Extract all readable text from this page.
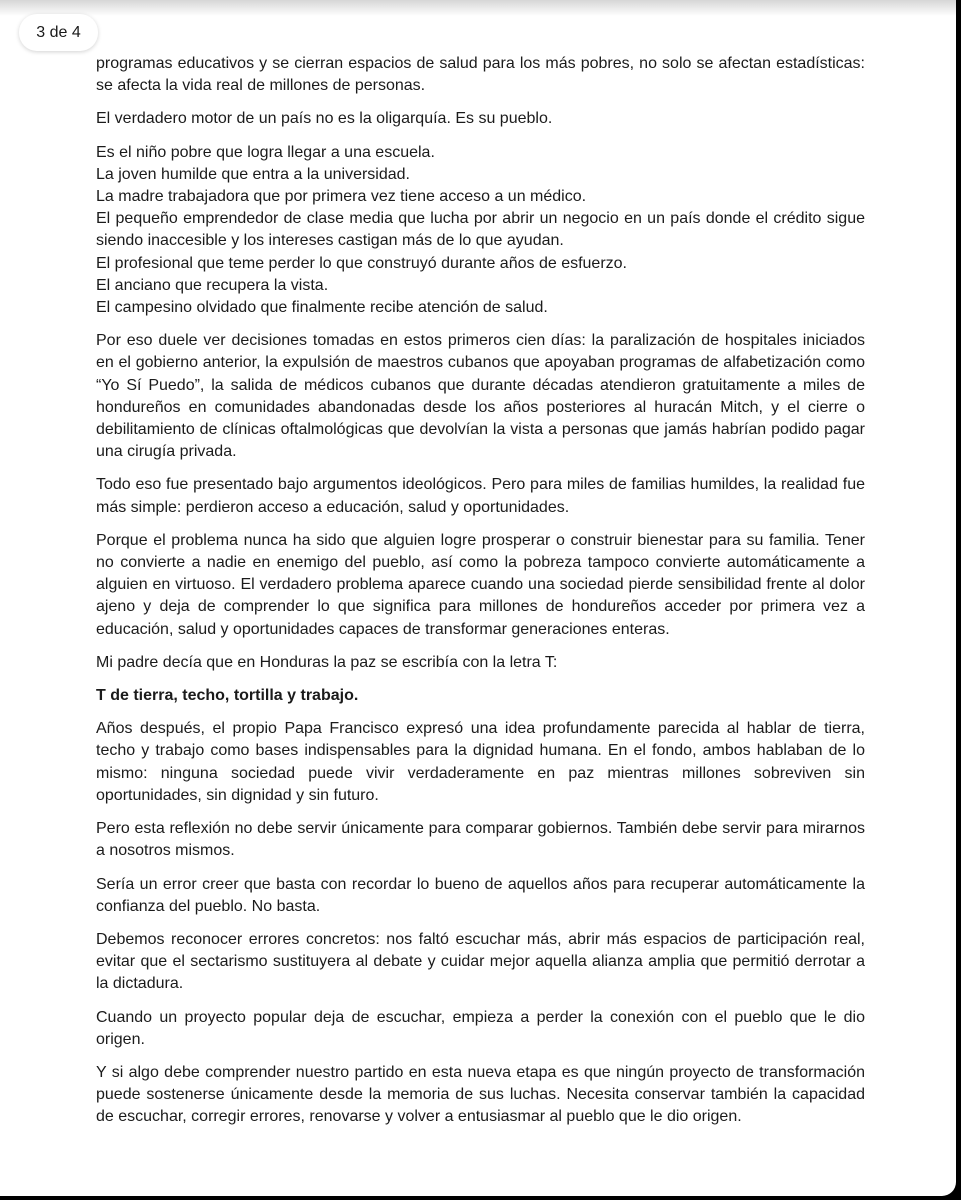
3 de 4

programas educativos y se cierran espacios de salud para los más pobres, no solo se afectan estadísticas: se afecta la vida real de millones de personas.

El verdadero motor de un país no es la oligarquía. Es su pueblo.

Es el niño pobre que logra llegar a una escuela.
La joven humilde que entra a la universidad.
La madre trabajadora que por primera vez tiene acceso a un médico.
El pequeño emprendedor de clase media que lucha por abrir un negocio en un país donde el crédito sigue siendo inaccesible y los intereses castigan más de lo que ayudan.
El profesional que teme perder lo que construyó durante años de esfuerzo.
El anciano que recupera la vista.
El campesino olvidado que finalmente recibe atención de salud.

Por eso duele ver decisiones tomadas en estos primeros cien días: la paralización de hospitales iniciados en el gobierno anterior, la expulsión de maestros cubanos que apoyaban programas de alfabetización como “Yo Sí Puedo”, la salida de médicos cubanos que durante décadas atendieron gratuitamente a miles de hondureños en comunidades abandonadas desde los años posteriores al huracán Mitch, y el cierre o debilitamiento de clínicas oftalmológicas que devolvían la vista a personas que jamás habrían podido pagar una cirugía privada.

Todo eso fue presentado bajo argumentos ideológicos. Pero para miles de familias humildes, la realidad fue más simple: perdieron acceso a educación, salud y oportunidades.

Porque el problema nunca ha sido que alguien logre prosperar o construir bienestar para su familia. Tener no convierte a nadie en enemigo del pueblo, así como la pobreza tampoco convierte automáticamente a alguien en virtuoso. El verdadero problema aparece cuando una sociedad pierde sensibilidad frente al dolor ajeno y deja de comprender lo que significa para millones de hondureños acceder por primera vez a educación, salud y oportunidades capaces de transformar generaciones enteras.

Mi padre decía que en Honduras la paz se escribía con la letra T:

T de tierra, techo, tortilla y trabajo.

Años después, el propio Papa Francisco expresó una idea profundamente parecida al hablar de tierra, techo y trabajo como bases indispensables para la dignidad humana. En el fondo, ambos hablaban de lo mismo: ninguna sociedad puede vivir verdaderamente en paz mientras millones sobreviven sin oportunidades, sin dignidad y sin futuro.

Pero esta reflexión no debe servir únicamente para comparar gobiernos. También debe servir para mirarnos a nosotros mismos.

Sería un error creer que basta con recordar lo bueno de aquellos años para recuperar automáticamente la confianza del pueblo. No basta.

Debemos reconocer errores concretos: nos faltó escuchar más, abrir más espacios de participación real, evitar que el sectarismo sustituyera al debate y cuidar mejor aquella alianza amplia que permitió derrotar a la dictadura.

Cuando un proyecto popular deja de escuchar, empieza a perder la conexión con el pueblo que le dio origen.

Y si algo debe comprender nuestro partido en esta nueva etapa es que ningún proyecto de transformación puede sostenerse únicamente desde la memoria de sus luchas. Necesita conservar también la capacidad de escuchar, corregir errores, renovarse y volver a entusiasmar al pueblo que le dio origen.
